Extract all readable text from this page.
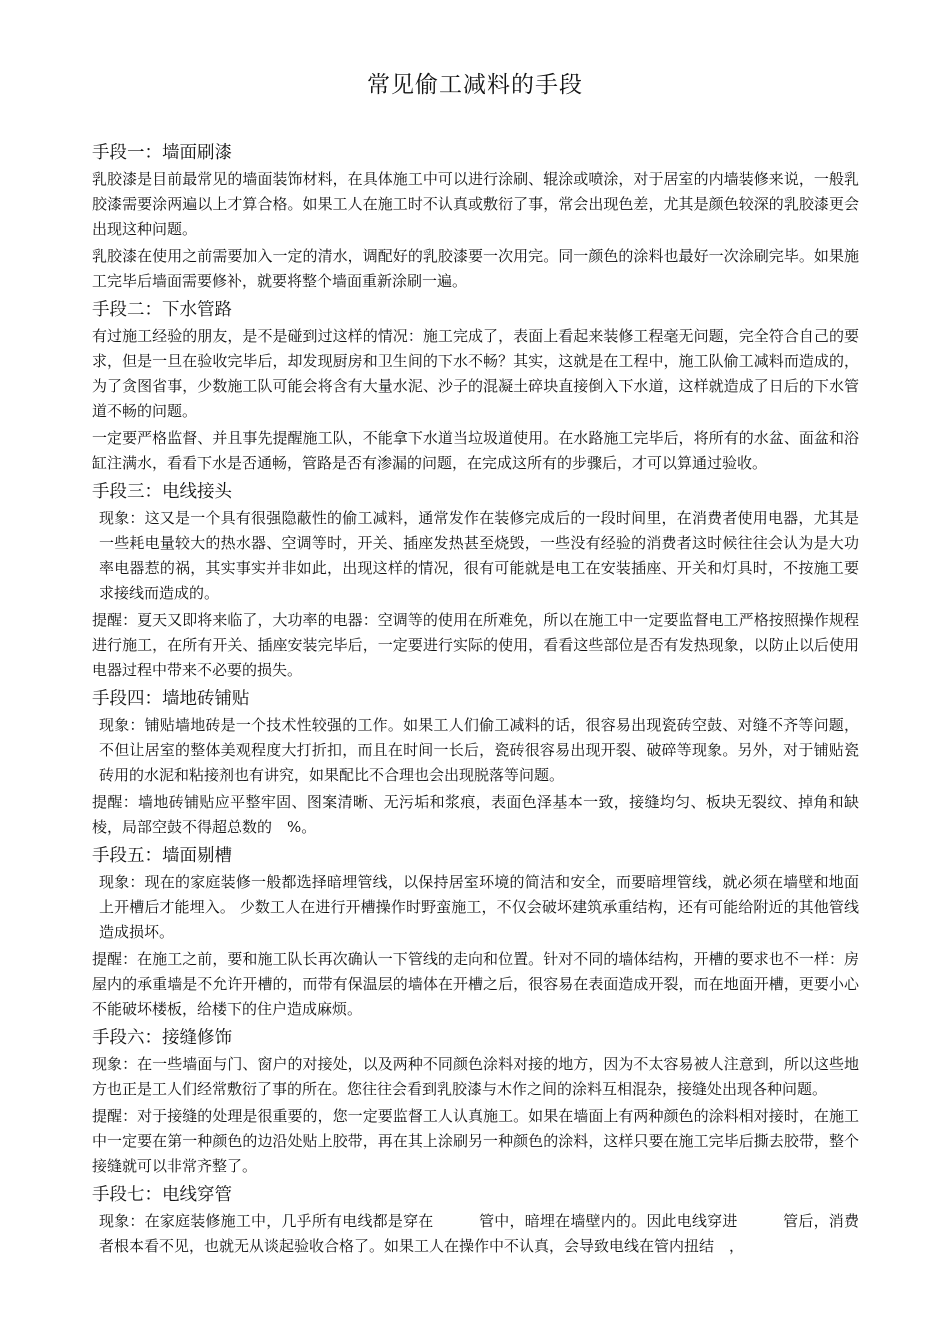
常见偷工减料的手段

手段一：墙面刷漆

乳胶漆是目前最常见的墙面装饰材料，在具体施工中可以进行涂刷、辊涂或喷涂，对于居室的内墙装修来说，一般乳胶漆需要涂两遍以上才算合格。如果工人在施工时不认真或敷衍了事，常会出现色差，尤其是颜色较深的乳胶漆更会出现这种问题。

乳胶漆在使用之前需要加入一定的清水，调配好的乳胶漆要一次用完。同一颜色的涂料也最好一次涂刷完毕。如果施工完毕后墙面需要修补，就要将整个墙面重新涂刷一遍。

手段二：下水管路

有过施工经验的朋友，是不是碰到过这样的情况：施工完成了，表面上看起来装修工程毫无问题，完全符合自己的要求，但是一旦在验收完毕后，却发现厨房和卫生间的下水不畅？其实，这就是在工程中，施工队偷工减料而造成的，为了贪图省事，少数施工队可能会将含有大量水泥、沙子的混凝土碎块直接倒入下水道，这样就造成了日后的下水管道不畅的问题。

一定要严格监督、并且事先提醒施工队，不能拿下水道当垃圾道使用。在水路施工完毕后，将所有的水盆、面盆和浴缸注满水，看看下水是否通畅，管路是否有渗漏的问题，在完成这所有的步骤后，才可以算通过验收。

手段三：电线接头

现象：这又是一个具有很强隐蔽性的偷工减料，通常发作在装修完成后的一段时间里，在消费者使用电器，尤其是一些耗电量较大的热水器、空调等时，开关、插座发热甚至烧毁，一些没有经验的消费者这时候往往会认为是大功率电器惹的祸，其实事实并非如此，出现这样的情况，很有可能就是电工在安装插座、开关和灯具时，不按施工要求接线而造成的。

提醒：夏天又即将来临了，大功率的电器：空调等的使用在所难免，所以在施工中一定要监督电工严格按照操作规程进行施工，在所有开关、插座安装完毕后，一定要进行实际的使用，看看这些部位是否有发热现象，以防止以后使用电器过程中带来不必要的损失。

手段四：墙地砖铺贴

现象：铺贴墙地砖是一个技术性较强的工作。如果工人们偷工减料的话，很容易出现瓷砖空鼓、对缝不齐等问题，不但让居室的整体美观程度大打折扣，而且在时间一长后，瓷砖很容易出现开裂、破碎等现象。另外，对于铺贴瓷砖用的水泥和粘接剂也有讲究，如果配比不合理也会出现脱落等问题。

提醒：墙地砖铺贴应平整牢固、图案清晰、无污垢和浆痕，表面色泽基本一致，接缝均匀、板块无裂纹、掉角和缺棱，局部空鼓不得超总数的　%。

手段五：墙面剔槽

现象：现在的家庭装修一般都选择暗埋管线，以保持居室环境的简洁和安全，而要暗埋管线，就必须在墙壁和地面上开槽后才能埋入。 少数工人在进行开槽操作时野蛮施工，不仅会破坏建筑承重结构，还有可能给附近的其他管线造成损坏。

提醒：在施工之前，要和施工队长再次确认一下管线的走向和位置。针对不同的墙体结构，开槽的要求也不一样：房屋内的承重墙是不允许开槽的，而带有保温层的墙体在开槽之后，很容易在表面造成开裂，而在地面开槽，更要小心不能破坏楼板，给楼下的住户造成麻烦。

手段六：接缝修饰

现象：在一些墙面与门、窗户的对接处，以及两种不同颜色涂料对接的地方，因为不太容易被人注意到，所以这些地方也正是工人们经常敷衍了事的所在。您往往会看到乳胶漆与木作之间的涂料互相混杂，接缝处出现各种问题。

提醒：对于接缝的处理是很重要的，您一定要监督工人认真施工。如果在墙面上有两种颜色的涂料相对接时，在施工中一定要在第一种颜色的边沿处贴上胶带，再在其上涂刷另一种颜色的涂料，这样只要在施工完毕后撕去胶带，整个接缝就可以非常齐整了。

手段七：电线穿管

现象：在家庭装修施工中，几乎所有电线都是穿在　　　管中，暗埋在墙壁内的。因此电线穿进　　　管后，消费者根本看不见，也就无从谈起验收合格了。如果工人在操作中不认真，会导致电线在管内扭结　，
